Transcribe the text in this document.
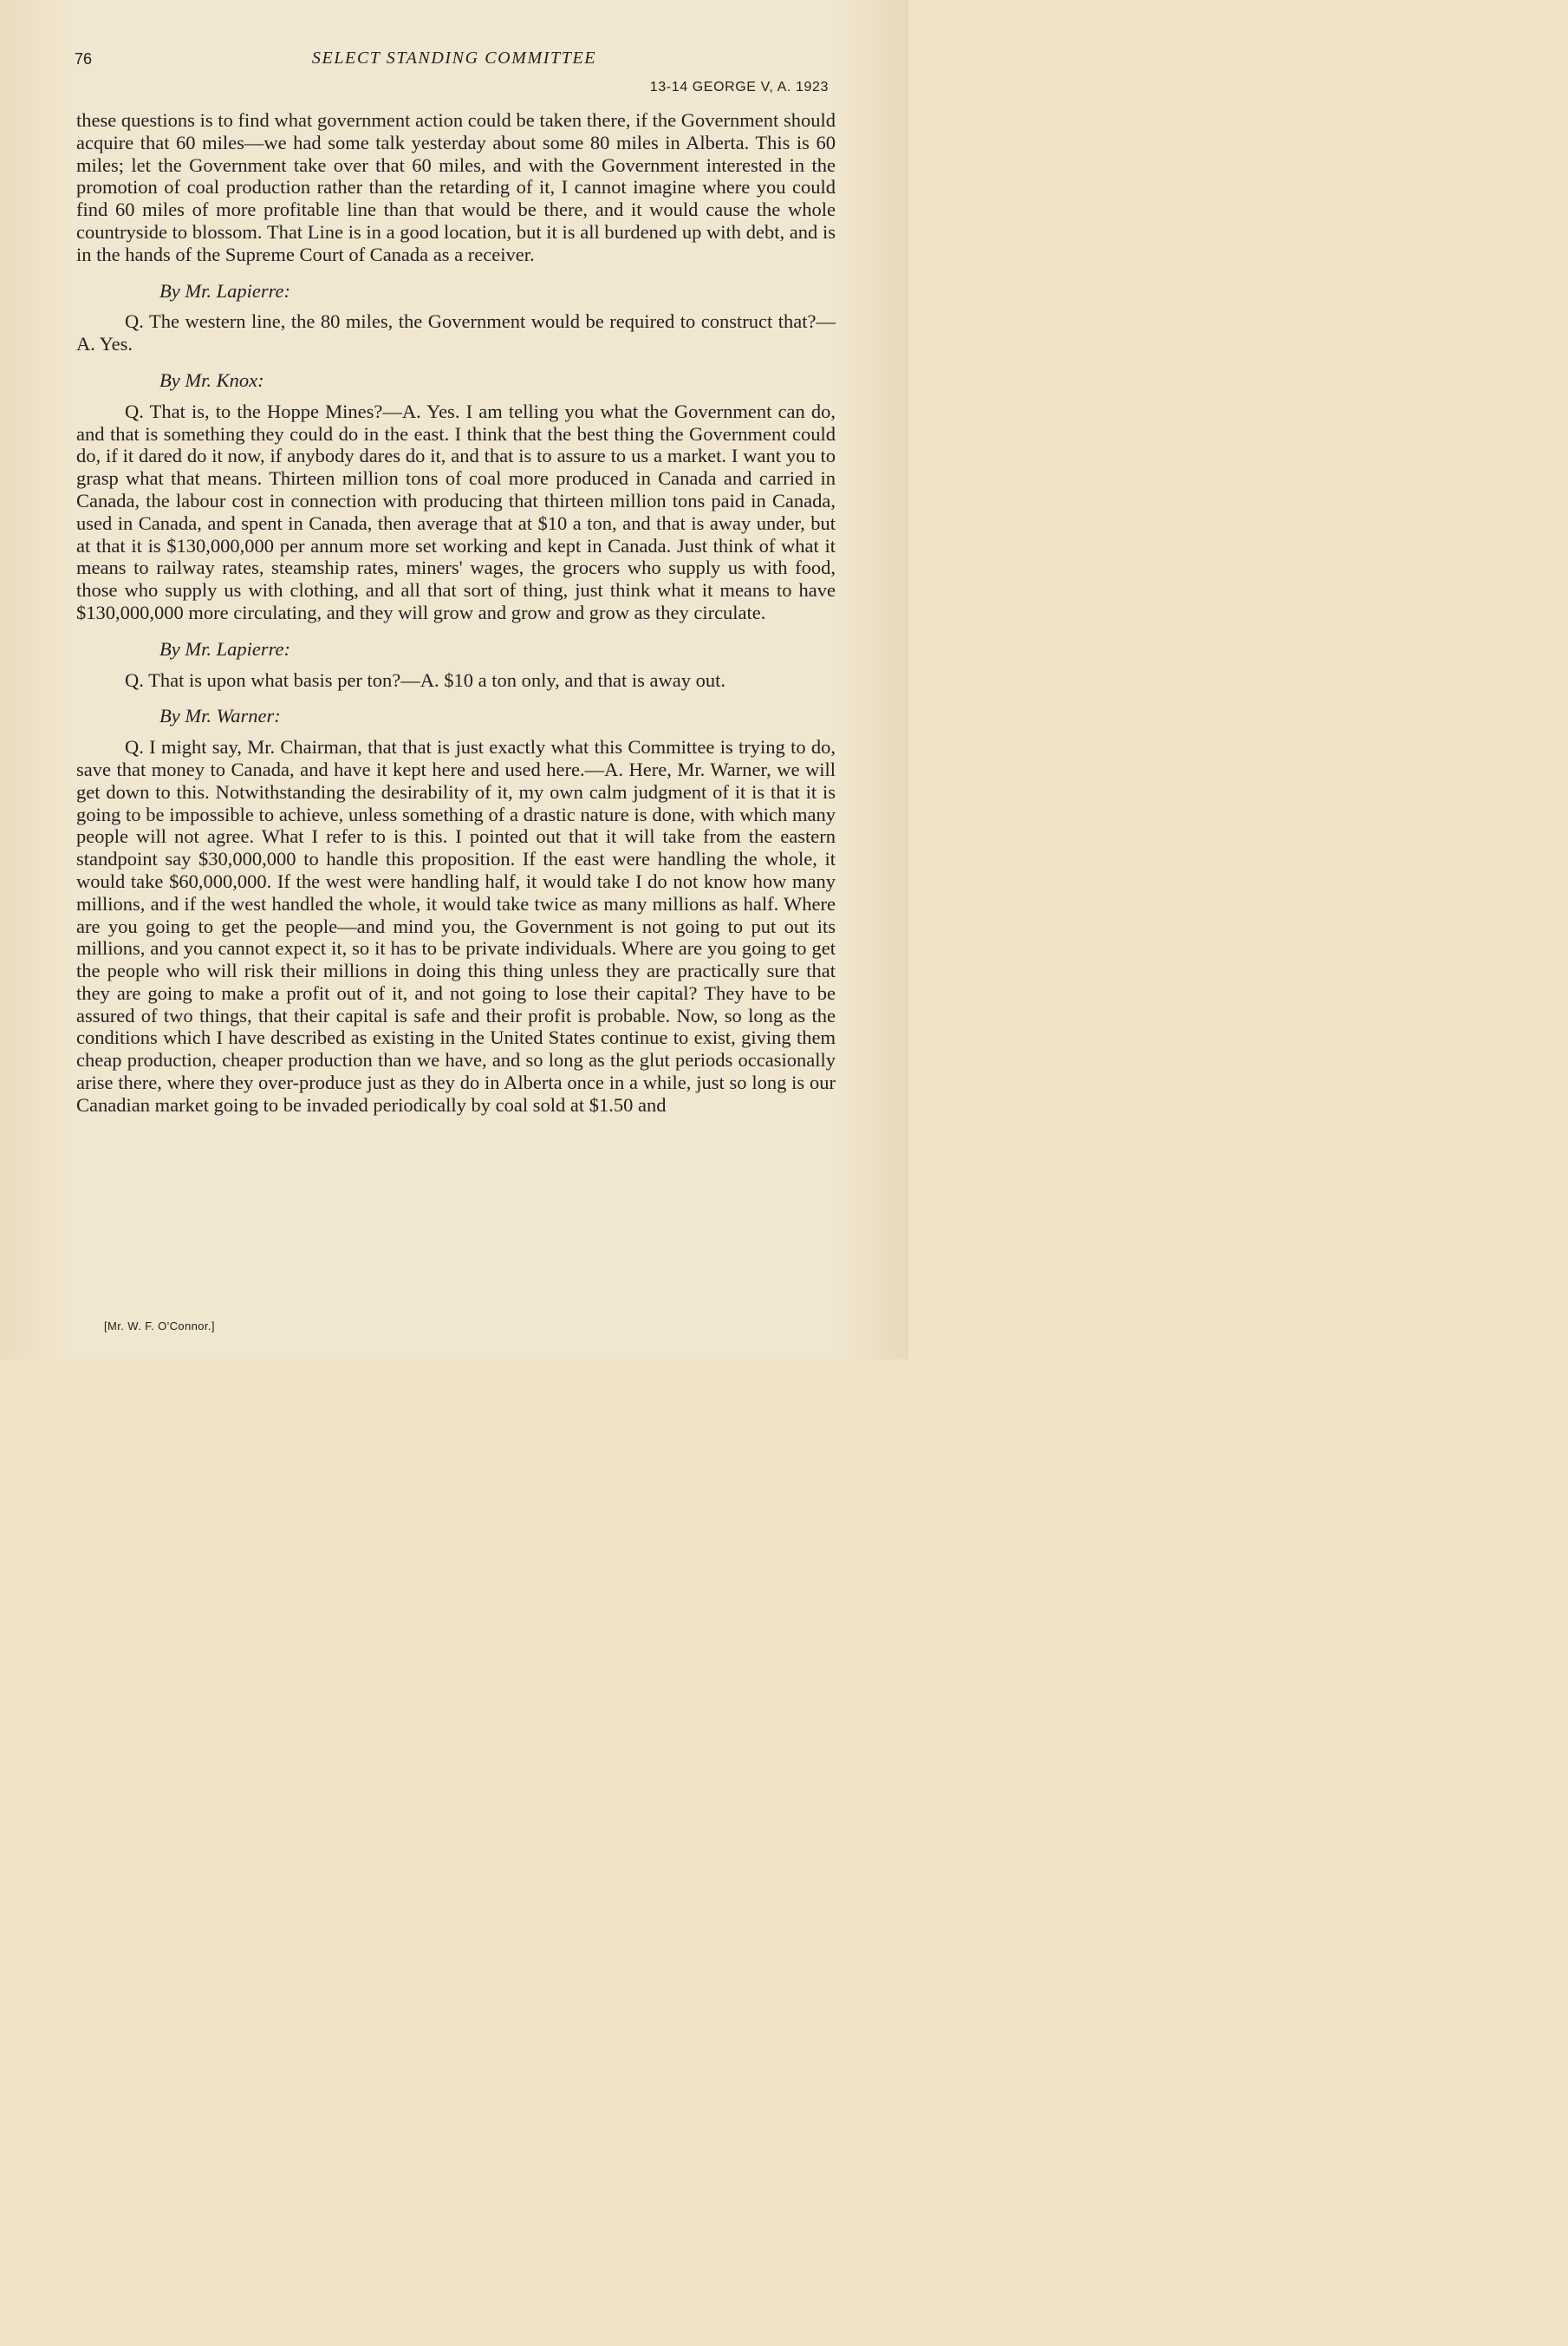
76	SELECT STANDING COMMITTEE
13-14 GEORGE V, A. 1923

these questions is to find what government action could be taken there, if the Government should acquire that 60 miles—we had some talk yesterday about some 80 miles in Alberta. This is 60 miles; let the Government take over that 60 miles, and with the Government interested in the promotion of coal production rather than the retarding of it, I cannot imagine where you could find 60 miles of more profitable line than that would be there, and it would cause the whole countryside to blossom. That Line is in a good location, but it is all burdened up with debt, and is in the hands of the Supreme Court of Canada as a receiver.

By Mr. Lapierre:

Q. The western line, the 80 miles, the Government would be required to construct that?—A. Yes.

By Mr. Knox:

Q. That is, to the Hoppe Mines?—A. Yes. I am telling you what the Government can do, and that is something they could do in the east. I think that the best thing the Government could do, if it dared do it now, if anybody dares do it, and that is to assure to us a market. I want you to grasp what that means. Thirteen million tons of coal more produced in Canada and carried in Canada, the labour cost in connection with producing that thirteen million tons paid in Canada, used in Canada, and spent in Canada, then average that at $10 a ton, and that is away under, but at that it is $130,000,000 per annum more set working and kept in Canada. Just think of what it means to railway rates, steamship rates, miners' wages, the grocers who supply us with food, those who supply us with clothing, and all that sort of thing, just think what it means to have $130,000,000 more circulating, and they will grow and grow and grow as they circulate.

By Mr. Lapierre:

Q. That is upon what basis per ton?—A. $10 a ton only, and that is away out.

By Mr. Warner:

Q. I might say, Mr. Chairman, that that is just exactly what this Committee is trying to do, save that money to Canada, and have it kept here and used here.—A. Here, Mr. Warner, we will get down to this. Notwithstanding the desirability of it, my own calm judgment of it is that it is going to be impossible to achieve, unless something of a drastic nature is done, with which many people will not agree. What I refer to is this. I pointed out that it will take from the eastern standpoint say $30,000,000 to handle this proposition. If the east were handling the whole, it would take $60,000,000. If the west were handling half, it would take I do not know how many millions, and if the west handled the whole, it would take twice as many millions as half. Where are you going to get the people—and mind you, the Government is not going to put out its millions, and you cannot expect it, so it has to be private individuals. Where are you going to get the people who will risk their millions in doing this thing unless they are practically sure that they are going to make a profit out of it, and not going to lose their capital? They have to be assured of two things, that their capital is safe and their profit is probable. Now, so long as the conditions which I have described as existing in the United States continue to exist, giving them cheap production, cheaper production than we have, and so long as the glut periods occasionally arise there, where they over-produce just as they do in Alberta once in a while, just so long is our Canadian market going to be invaded periodically by coal sold at $1.50 and

[Mr. W. F. O'Connor.]
